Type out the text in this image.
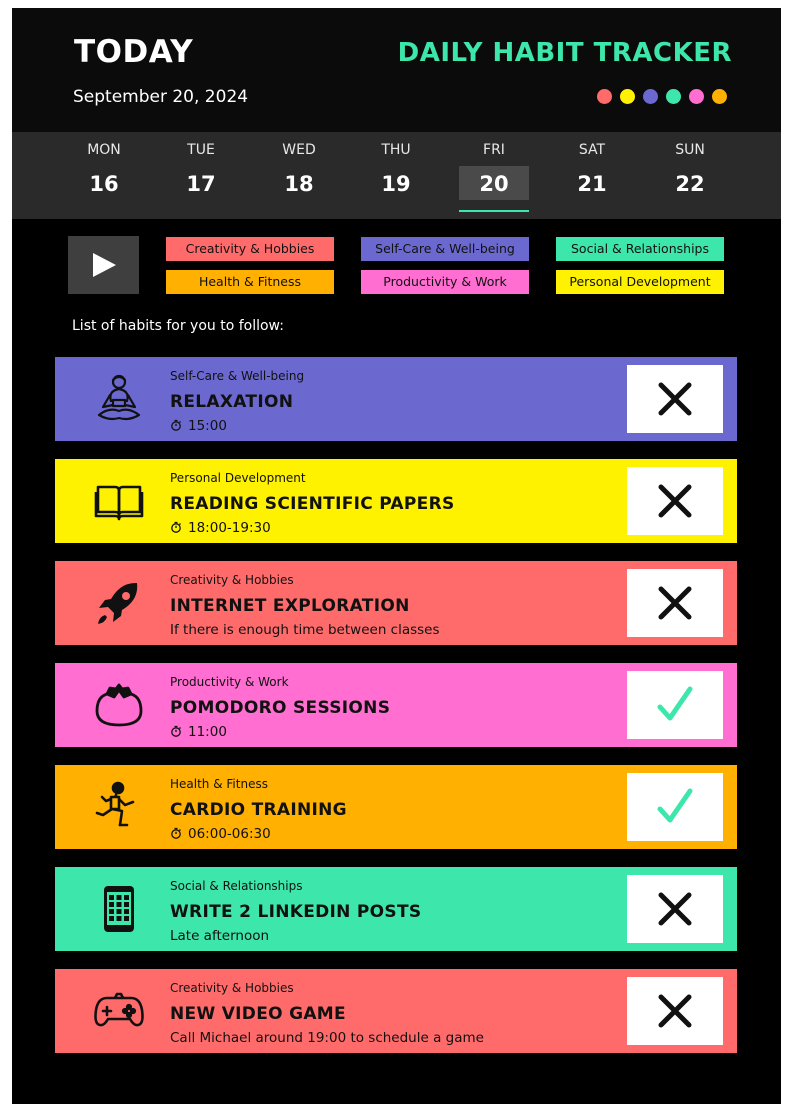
TODAY
September 20, 2024
DAILY HABIT TRACKER
MON
16
TUE
17
WED
18
THU
19
FRI
20
SAT
21
SUN
22
Creativity & Hobbies	Self-Care & Well-being	Social & Relationships
Health & Fitness	Productivity & Work	Personal Development
List of habits for you to follow:
Self-Care & Well-being
RELAXATION
15:00
Personal Development
READING SCIENTIFIC PAPERS
18:00-19:30
Creativity & Hobbies
INTERNET EXPLORATION
If there is enough time between classes
Productivity & Work
POMODORO SESSIONS
11:00
Health & Fitness
CARDIO TRAINING
06:00-06:30
Social & Relationships
WRITE 2 LINKEDIN POSTS
Late afternoon
Creativity & Hobbies
NEW VIDEO GAME
Call Michael around 19:00 to schedule a game
